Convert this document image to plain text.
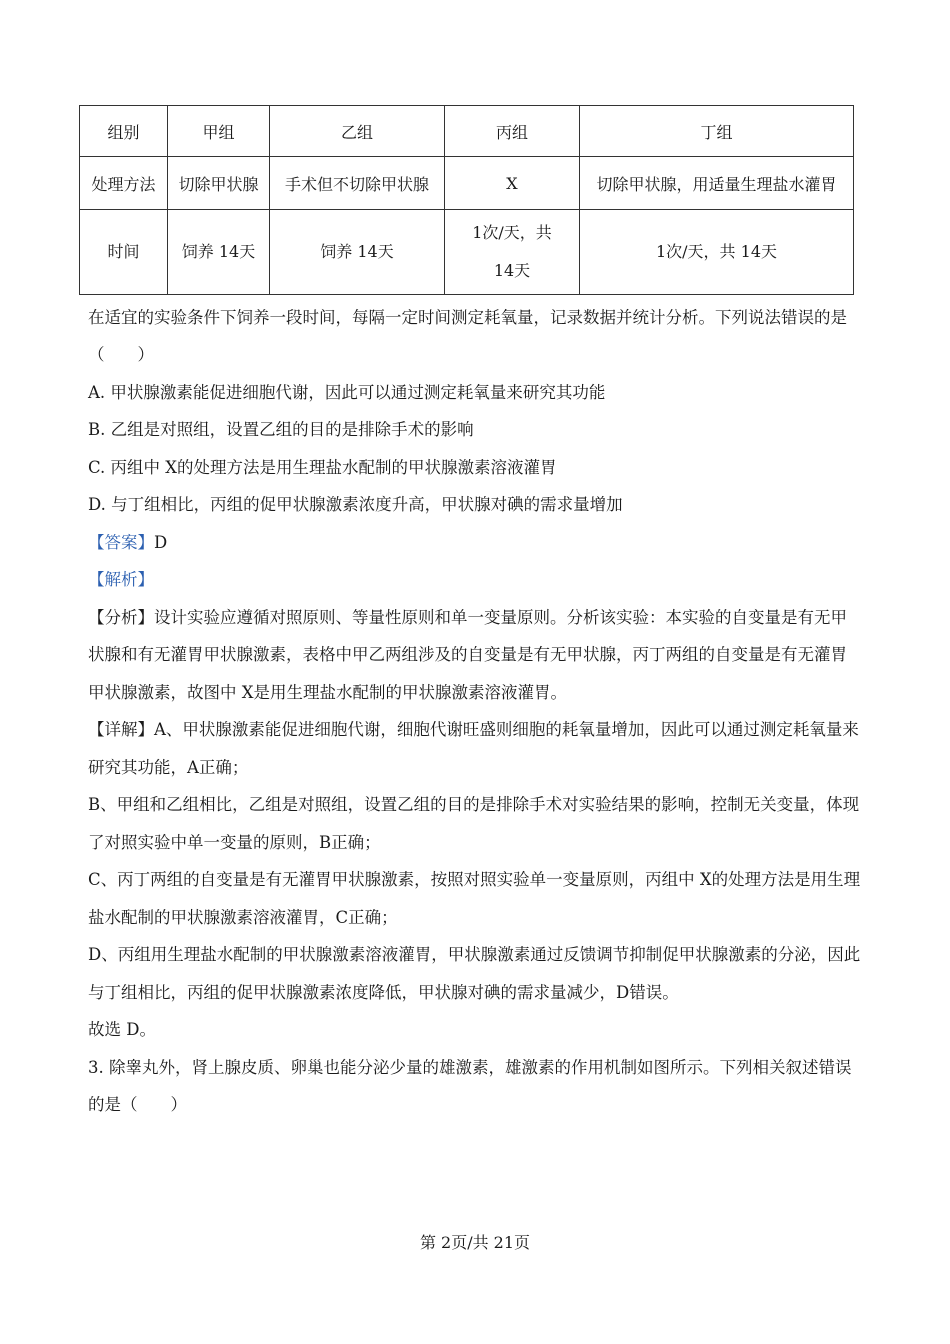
组别	甲组	乙组	丙组	丁组
处理方法	切除甲状腺	手术但不切除甲状腺	X	切除甲状腺，用适量生理盐水灌胃
时间	饲养 14天	饲养 14天	1次/天，共 14天	1次/天，共 14天
在适宜的实验条件下饲养一段时间，每隔一定时间测定耗氧量，记录数据并统计分析。下列说法错误的是
（　　）
A. 甲状腺激素能促进细胞代谢，因此可以通过测定耗氧量来研究其功能
B. 乙组是对照组，设置乙组的目的是排除手术的影响
C. 丙组中 X的处理方法是用生理盐水配制的甲状腺激素溶液灌胃
D. 与丁组相比，丙组的促甲状腺激素浓度升高，甲状腺对碘的需求量增加
【答案】D
【解析】
【分析】设计实验应遵循对照原则、等量性原则和单一变量原则。分析该实验：本实验的自变量是有无甲
状腺和有无灌胃甲状腺激素，表格中甲乙两组涉及的自变量是有无甲状腺，丙丁两组的自变量是有无灌胃
甲状腺激素，故图中 X是用生理盐水配制的甲状腺激素溶液灌胃。
【详解】A、甲状腺激素能促进细胞代谢，细胞代谢旺盛则细胞的耗氧量增加，因此可以通过测定耗氧量来
研究其功能，A正确；
B、甲组和乙组相比，乙组是对照组，设置乙组的目的是排除手术对实验结果的影响，控制无关变量，体现
了对照实验中单一变量的原则，B正确；
C、丙丁两组的自变量是有无灌胃甲状腺激素，按照对照实验单一变量原则，丙组中 X的处理方法是用生理
盐水配制的甲状腺激素溶液灌胃，C正确；
D、丙组用生理盐水配制的甲状腺激素溶液灌胃，甲状腺激素通过反馈调节抑制促甲状腺激素的分泌，因此
与丁组相比，丙组的促甲状腺激素浓度降低，甲状腺对碘的需求量减少，D错误。
故选 D。
3. 除睾丸外，肾上腺皮质、卵巢也能分泌少量的雄激素，雄激素的作用机制如图所示。下列相关叙述错误
的是（　　）
第 2页/共 21页
